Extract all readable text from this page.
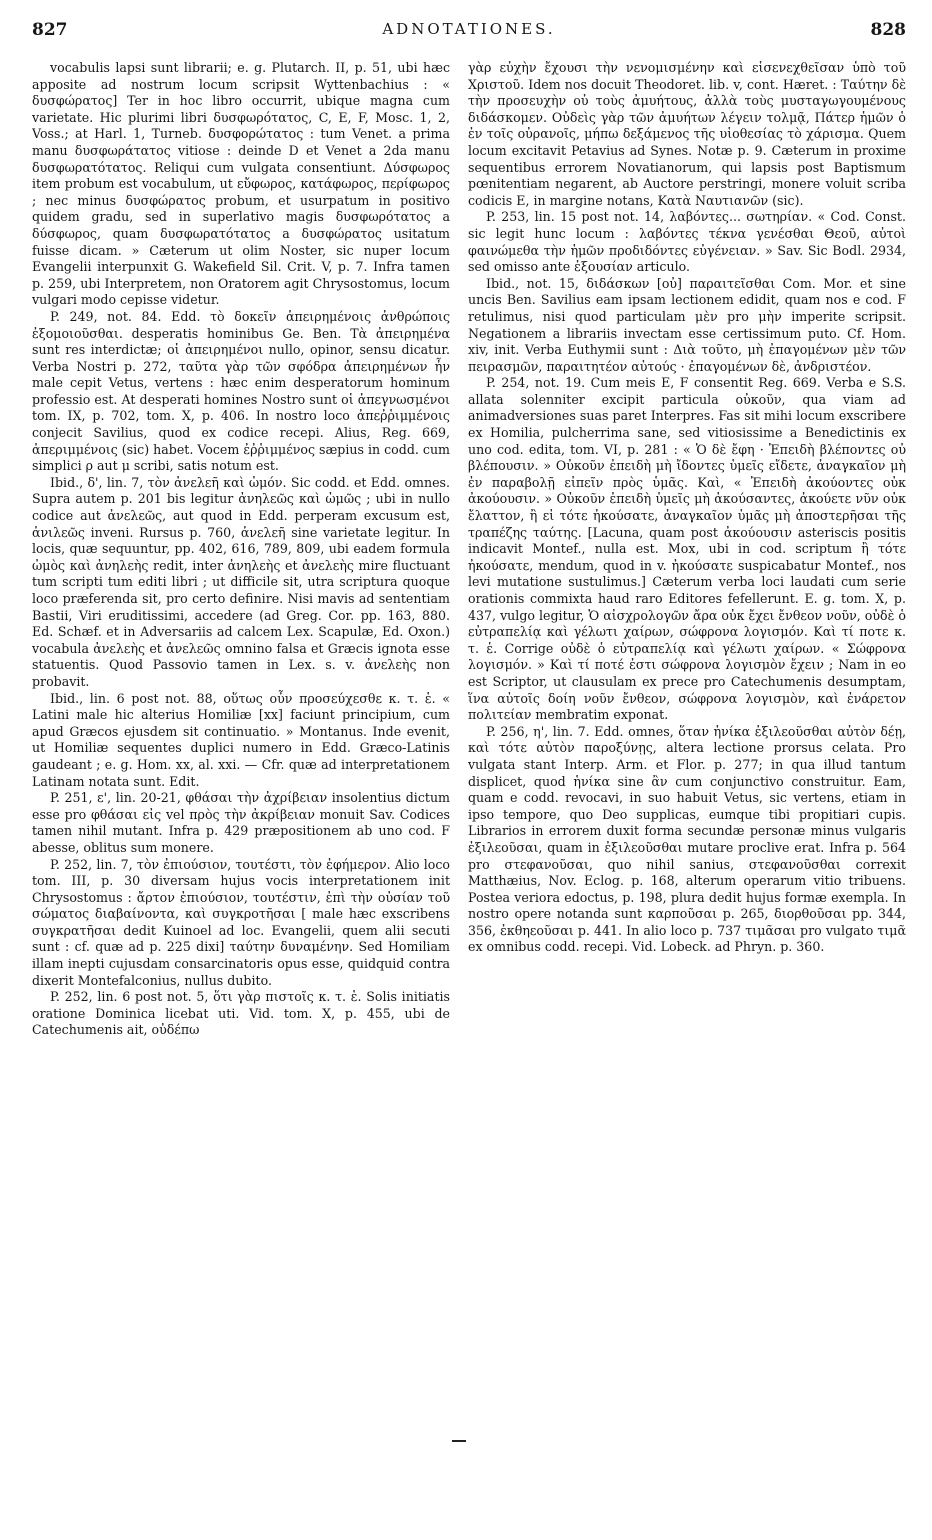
827	ADNOTATIONES.	828

vocabulis lapsi sunt librarii; e. g. Plutarch. II, p. 51, ubi hæc apposite ad nostrum locum scripsit Wyttenbachius : « δυσφώρατος] Ter in hoc libro occurrit, ubique magna cum varietate. Hic plurimi libri δυσφωρότατος, C, E, F, Mosc. 1, 2, Voss.; at Harl. 1, Turneb. δυσφορώτατος : tum Venet. a prima manu δυσφωράτατος vitiose : deinde D et Venet a 2da manu δυσφωρατότατος. Reliqui cum vulgata consentiunt. Δύσφωρος item probum est vocabulum, ut εὔφωρος, κατάφωρος, περίφωρος ; nec minus δυσφώρατος probum, et usurpatum in positivo quidem gradu, sed in superlativo magis δυσφωρότατος a δύσφωρος, quam δυσφωρατότατος a δυσφώρατος usitatum fuisse dicam. » Cæterum ut olim Noster, sic nuper locum Evangelii interpunxit G. Wakefield Sil. Crit. V, p. 7. Infra tamen p. 259, ubi Interpretem, non Oratorem agit Chrysostomus, locum vulgari modo cepisse videtur.

P. 249, not. 84. Edd. τὸ δοκεῖν ἀπειρημένοις ἀνθρώποις ἐξομοιοῦσθαι. desperatis hominibus Ge. Ben. Τὰ ἀπειρημένα sunt res interdictæ; οἱ ἀπειρημένοι nullo, opinor, sensu dicatur. Verba Nostri p. 272, ταῦτα γὰρ τῶν σφόδρα ἀπειρημένων ἦν male cepit Vetus, vertens : hæc enim desperatorum hominum professio est. At desperati homines Nostro sunt οἱ ἀπεγνωσμένοι tom. IX, p. 702, tom. X, p. 406. In nostro loco ἀπεῤῥιμμένοις conjecit Savilius, quod ex codice recepi. Alius, Reg. 669, ἀπεριμμένοις (sic) habet. Vocem ἐῤῥιμμένος sæpius in codd. cum simplici ρ aut μ scribi, satis notum est.

Ibid., δ', lin. 7, τὸν ἀνελεῆ καὶ ὠμόν. Sic codd. et Edd. omnes. Supra autem p. 201 bis legitur ἀνηλεῶς καὶ ὠμῶς ; ubi in nullo codice aut ἀνελεῶς, aut quod in Edd. perperam excusum est, ἀνιλεῶς inveni. Rursus p. 760, ἀνελεῆ sine varietate legitur. In locis, quæ sequuntur, pp. 402, 616, 789, 809, ubi eadem formula ὠμὸς καὶ ἀνηλεὴς redit, inter ἀνηλεὴς et ἀνελεὴς mire fluctuant tum scripti tum editi libri ; ut difficile sit, utra scriptura quoque loco præferenda sit, pro certo definire. Nisi mavis ad sententiam Bastii, Viri eruditissimi, accedere (ad Greg. Cor. pp. 163, 880. Ed. Schæf. et in Adversariis ad calcem Lex. Scapulæ, Ed. Oxon.) vocabula ἀνελεὴς et ἀνελεῶς omnino falsa et Græcis ignota esse statuentis. Quod Passovio tamen in Lex. s. v. ἀνελεὴς non probavit.

Ibid., lin. 6 post not. 88, οὕτως οὖν προσεύχεσθε κ. τ. ἑ. « Latini male hic alterius Homiliæ [xx] faciunt principium, cum apud Græcos ejusdem sit continuatio. » Montanus. Inde evenit, ut Homiliæ sequentes duplici numero in Edd. Græco-Latinis gaudeant ; e. g. Hom. xx, al. xxi. — Cfr. quæ ad interpretationem Latinam notata sunt. Edit.

P. 251, ε', lin. 20-21, φθάσαι τὴν ἀχρίβειαν insolentius dictum esse pro φθάσαι εἰς vel πρὸς τὴν ἀκρίβειαν monuit Sav. Codices tamen nihil mutant. Infra p. 429 præpositionem ab uno cod. F abesse, oblitus sum monere.

P. 252, lin. 7, τὸν ἐπιούσιον, τουτέστι, τὸν ἐφήμερον. Alio loco tom. III, p. 30 diversam hujus vocis interpretationem init Chrysostomus : ἄρτον ἐπιούσιον, τουτέστιν, ἐπὶ τὴν οὐσίαν τοῦ σώματος διαβαίνοντα, καὶ συγκροτῆσαι [ male hæc exscribens συγκρατῆσαι dedit Kuinoel ad loc. Evangelii, quem alii secuti sunt : cf. quæ ad p. 225 dixi] ταύτην δυναμένην. Sed Homiliam illam inepti cujusdam consarcinatoris opus esse, quidquid contra dixerit Montefalconius, nullus dubito.

P. 252, lin. 6 post not. 5, ὅτι γὰρ πιστοῖς κ. τ. ἑ. Solis initiatis oratione Dominica licebat uti. Vid. tom. X, p. 455, ubi de Catechumenis ait, οὐδέπω

γὰρ εὐχὴν ἔχουσι τὴν νενομισμένην καὶ εἰσενεχθεῖσαν ὑπὸ τοῦ Χριστοῦ. Idem nos docuit Theodoret. lib. v, cont. Hæret. : Ταύτην δὲ τὴν προσευχὴν οὐ τοὺς ἀμυήτους, ἀλλὰ τοὺς μυσταγωγουμένους διδάσκομεν. Οὐδεὶς γὰρ τῶν ἀμυήτων λέγειν τολμᾷ, Πάτερ ἡμῶν ὁ ἐν τοῖς οὐρανοῖς, μήπω δεξάμενος τῆς υἱοθεσίας τὸ χάρισμα. Quem locum excitavit Petavius ad Synes. Notæ p. 9. Cæterum in proxime sequentibus errorem Novatianorum, qui lapsis post Baptismum pœnitentiam negarent, ab Auctore perstringi, monere voluit scriba codicis E, in margine notans, Κατὰ Ναυτιανῶν (sic).

P. 253, lin. 15 post not. 14, λαβόντες... σωτηρίαν. « Cod. Const. sic legit hunc locum : λαβόντες τέκνα γενέσθαι Θεοῦ, αὐτοὶ φαινώμεθα τὴν ἡμῶν προδιδόντες εὐγένειαν. » Sav. Sic Bodl. 2934, sed omisso ante ἐξουσίαν articulo.

Ibid., not. 15, διδάσκων [οὐ] παραιτεῖσθαι Com. Mor. et sine uncis Ben. Savilius eam ipsam lectionem edidit, quam nos e cod. F retulimus, nisi quod particulam μὲν pro μὴν imperite scripsit. Negationem a librariis invectam esse certissimum puto. Cf. Hom. xiv, init. Verba Euthymii sunt : Διὰ τοῦτο, μὴ ἐπαγομένων μὲν τῶν πειρασμῶν, παραιτητέον αὐτούς · ἐπαγομένων δὲ, ἀνδριστέον.

P. 254, not. 19. Cum meis E, F consentit Reg. 669. Verba e S.S. allata solenniter excipit particula οὐκοῦν, qua viam ad animadversiones suas paret Interpres. Fas sit mihi locum exscribere ex Homilia, pulcherrima sane, sed vitiosissime a Benedictinis ex uno cod. edita, tom. VI, p. 281 : « Ὁ δὲ ἔφη · Ἐπειδὴ βλέποντες οὐ βλέπουσιν. » Οὐκοῦν ἐπειδὴ μὴ ἴδοντες ὑμεῖς εἴδετε, ἀναγκαῖον μὴ ἐν παραβολῇ εἰπεῖν πρὸς ὑμᾶς. Καὶ, « Ἐπειδὴ ἀκούοντες οὐκ ἀκούουσιν. » Οὐκοῦν ἐπειδὴ ὑμεῖς μὴ ἀκούσαντες, ἀκούετε νῦν οὐκ ἔλαττον, ἢ εἰ τότε ἠκούσατε, ἀναγκαῖον ὑμᾶς μὴ ἀποστερῆσαι τῆς τραπέζης ταύτης. [Lacuna, quam post ἀκούουσιν asteriscis positis indicavit Montef., nulla est. Mox, ubi in cod. scriptum ἢ τότε ἠκούσατε, mendum, quod in v. ἠκούσατε suspicabatur Montef., nos levi mutatione sustulimus.] Cæterum verba loci laudati cum serie orationis commixta haud raro Editores fefellerunt. E. g. tom. X, p. 437, vulgo legitur, Ὁ αἰσχρολογῶν ἄρα οὐκ ἔχει ἔνθεον νοῦν, οὐδὲ ὁ εὐτραπελίᾳ καὶ γέλωτι χαίρων, σώφρονα λογισμόν. Καὶ τί ποτε κ. τ. ἑ. Corrige οὐδὲ ὁ εὐτραπελίᾳ καὶ γέλωτι χαίρων. « Σώφρονα λογισμόν. » Καὶ τί ποτέ ἐστι σώφρονα λογισμὸν ἔχειν ; Nam in eo est Scriptor, ut clausulam ex prece pro Catechumenis desumptam, ἵνα αὐτοῖς δοίη νοῦν ἔνθεον, σώφρονα λογισμὸν, καὶ ἐνάρετον πολιτείαν membratim exponat.

P. 256, η', lin. 7. Edd. omnes, ὅταν ἡνίκα ἐξιλεοῦσθαι αὐτὸν δέῃ, καὶ τότε αὐτὸν παροξύνῃς, altera lectione prorsus celata. Pro vulgata stant Interp. Arm. et Flor. p. 277; in qua illud tantum displicet, quod ἡνίκα sine ἂν cum conjunctivo construitur. Eam, quam e codd. revocavi, in suo habuit Vetus, sic vertens, etiam in ipso tempore, quo Deo supplicas, eumque tibi propitiari cupis. Librarios in errorem duxit forma secundæ personæ minus vulgaris ἐξιλεοῦσαι, quam in ἐξιλεοῦσθαι mutare proclive erat. Infra p. 564 pro στεφανοῦσαι, quo nihil sanius, στεφανοῦσθαι correxit Matthæius, Nov. Eclog. p. 168, alterum operarum vitio tribuens. Postea veriora edoctus, p. 198, plura dedit hujus formæ exempla. In nostro opere notanda sunt καρποῦσαι p. 265, διορθοῦσαι pp. 344, 356, ἐκθηεοῦσαι p. 441. In alio loco p. 737 τιμᾶσαι pro vulgato τιμᾶ ex omnibus codd. recepi. Vid. Lobeck. ad Phryn. p. 360.
